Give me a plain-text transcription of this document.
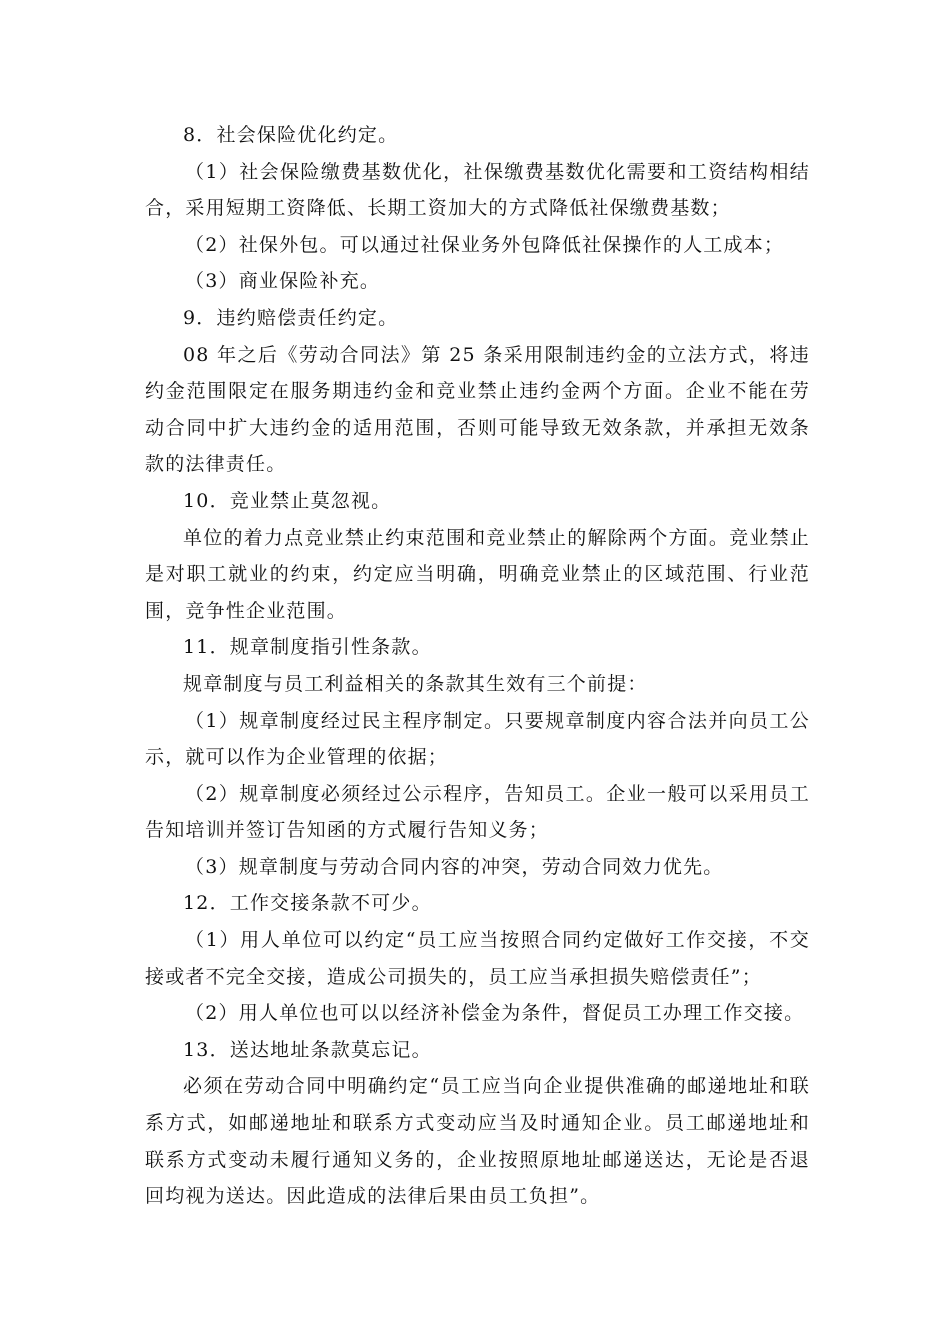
8．社会保险优化约定。

（1）社会保险缴费基数优化，社保缴费基数优化需要和工资结构相结合，采用短期工资降低、长期工资加大的方式降低社保缴费基数；

（2）社保外包。可以通过社保业务外包降低社保操作的人工成本；

（3）商业保险补充。

9．违约赔偿责任约定。

08 年之后《劳动合同法》第 25 条采用限制违约金的立法方式，将违约金范围限定在服务期违约金和竞业禁止违约金两个方面。企业不能在劳动合同中扩大违约金的适用范围，否则可能导致无效条款，并承担无效条款的法律责任。

10．竞业禁止莫忽视。

单位的着力点竞业禁止约束范围和竞业禁止的解除两个方面。竞业禁止是对职工就业的约束，约定应当明确，明确竞业禁止的区域范围、行业范围，竞争性企业范围。

11．规章制度指引性条款。

规章制度与员工利益相关的条款其生效有三个前提：

（1）规章制度经过民主程序制定。只要规章制度内容合法并向员工公示，就可以作为企业管理的依据；

（2）规章制度必须经过公示程序，告知员工。企业一般可以采用员工告知培训并签订告知函的方式履行告知义务；

（3）规章制度与劳动合同内容的冲突，劳动合同效力优先。

12．工作交接条款不可少。

（1）用人单位可以约定“员工应当按照合同约定做好工作交接，不交接或者不完全交接，造成公司损失的，员工应当承担损失赔偿责任”；

（2）用人单位也可以以经济补偿金为条件，督促员工办理工作交接。

13．送达地址条款莫忘记。

必须在劳动合同中明确约定“员工应当向企业提供准确的邮递地址和联系方式，如邮递地址和联系方式变动应当及时通知企业。员工邮递地址和联系方式变动未履行通知义务的，企业按照原地址邮递送达，无论是否退回均视为送达。因此造成的法律后果由员工负担”。
